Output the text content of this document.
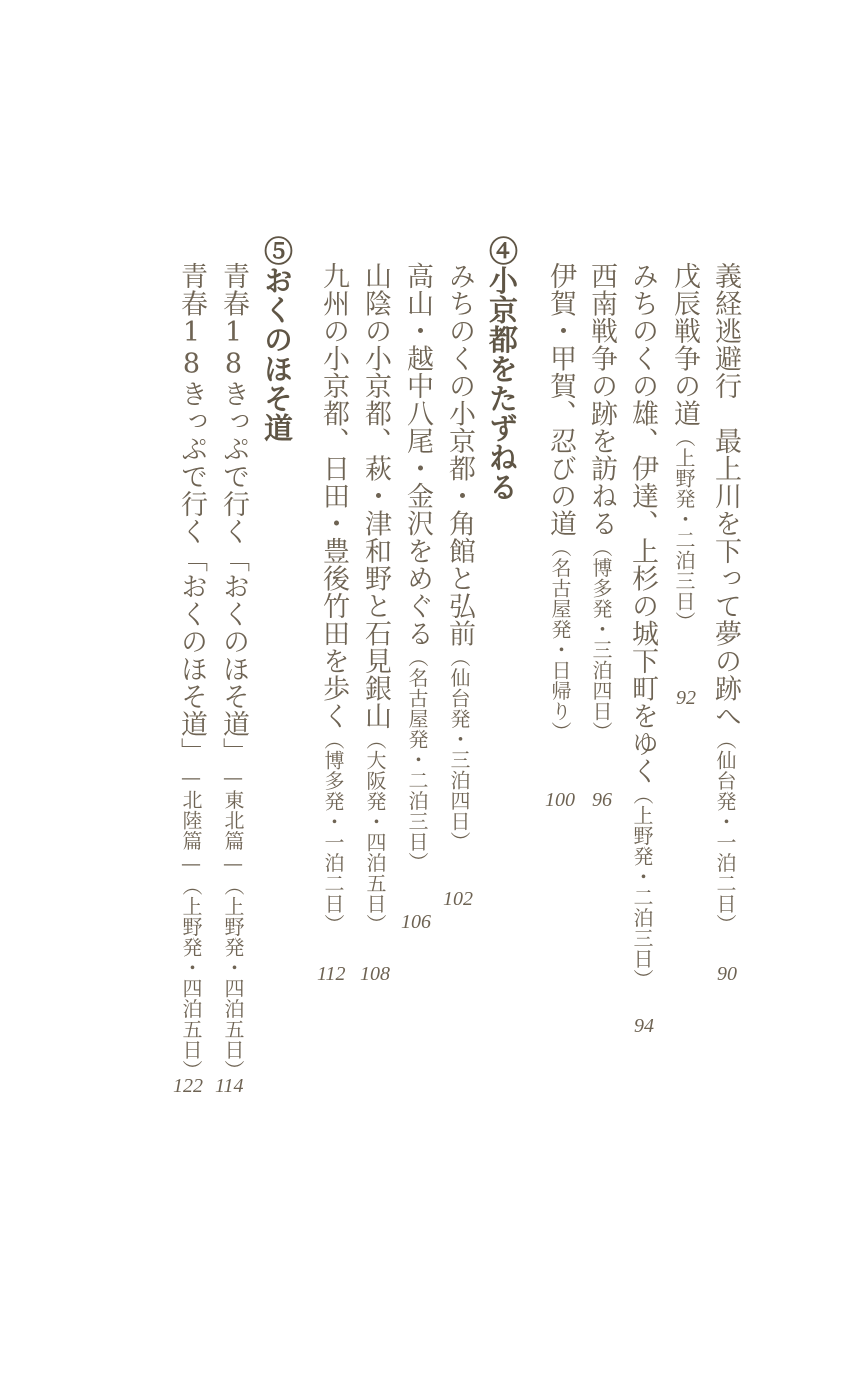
義経逃避行　最上川を下って夢の跡へ（仙台発・一泊二日）
90
戊辰戦争の道（上野発・二泊三日）
92
みちのくの雄、伊達、上杉の城下町をゆく（上野発・二泊三日）
94
西南戦争の跡を訪ねる（博多発・三泊四日）
96
伊賀・甲賀、忍びの道（名古屋発・日帰り）
100
④小京都をたずねる
みちのくの小京都・角館と弘前（仙台発・三泊四日）
102
高山・越中八尾・金沢をめぐる（名古屋発・二泊三日）
106
山陰の小京都、萩・津和野と石見銀山（大阪発・四泊五日）
108
九州の小京都、日田・豊後竹田を歩く（博多発・一泊二日）
112
⑤おくのほそ道
青春18きっぷで行く「おくのほそ道」—東北篇—（上野発・四泊五日）
114
青春18きっぷで行く「おくのほそ道」—北陸篇—（上野発・四泊五日）
122
